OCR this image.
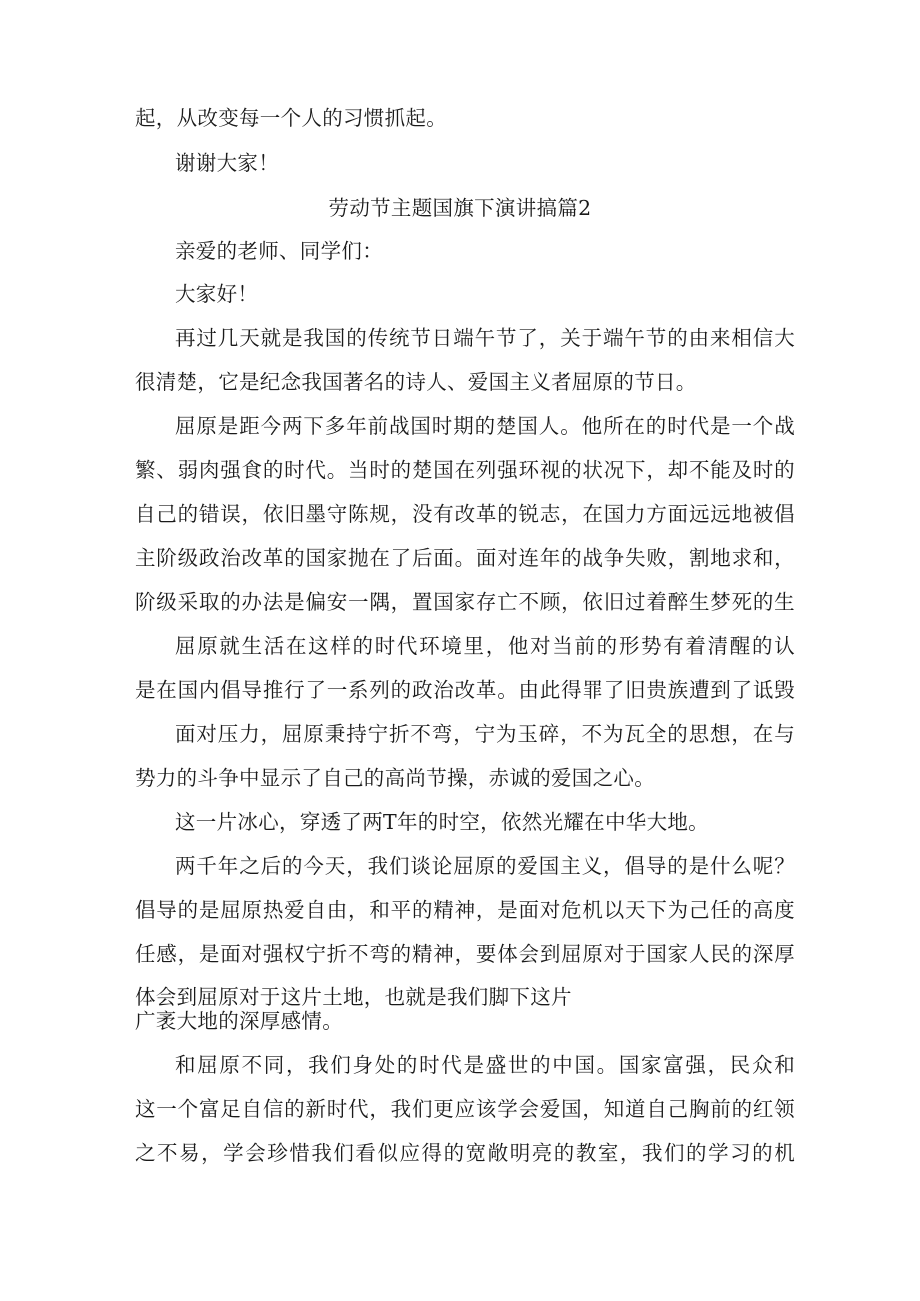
起，从改变每一个人的习惯抓起。
谢谢大家！
劳动节主题国旗下演讲搞篇2
亲爱的老师、同学们：
大家好！
再过几天就是我国的传统节日端午节了，关于端午节的由来相信大
很清楚，它是纪念我国著名的诗人、爱国主义者屈原的节日。
屈原是距今两下多年前战国时期的楚国人。他所在的时代是一个战
繁、弱肉强食的时代。当时的楚国在列强环视的状况下，却不能及时的
自己的错误，依旧墨守陈规，没有改革的锐志，在国力方面远远地被倡
主阶级政治改革的国家抛在了后面。面对连年的战争失败，割地求和，
阶级采取的办法是偏安一隅，置国家存亡不顾，依旧过着醉生梦死的生
屈原就生活在这样的时代环境里，他对当前的形势有着清醒的认
是在国内倡导推行了一系列的政治改革。由此得罪了旧贵族遭到了诋毁
面对压力，屈原秉持宁折不弯，宁为玉碎，不为瓦全的思想，在与
势力的斗争中显示了自己的高尚节操，赤诚的爱国之心。
这一片冰心，穿透了两T年的时空，依然光耀在中华大地。
两千年之后的今天，我们谈论屈原的爱国主义，倡导的是什么呢？
倡导的是屈原热爱自由，和平的精神，是面对危机以天下为己任的高度
任感，是面对强权宁折不弯的精神，要体会到屈原对于国家人民的深厚
体会到屈原对于这片土地，也就是我们脚下这片
广袤大地的深厚感情。
和屈原不同，我们身处的时代是盛世的中国。国家富强，民众和
这一个富足自信的新时代，我们更应该学会爱国，知道自己胸前的红领
之不易，学会珍惜我们看似应得的宽敞明亮的教室，我们的学习的机
